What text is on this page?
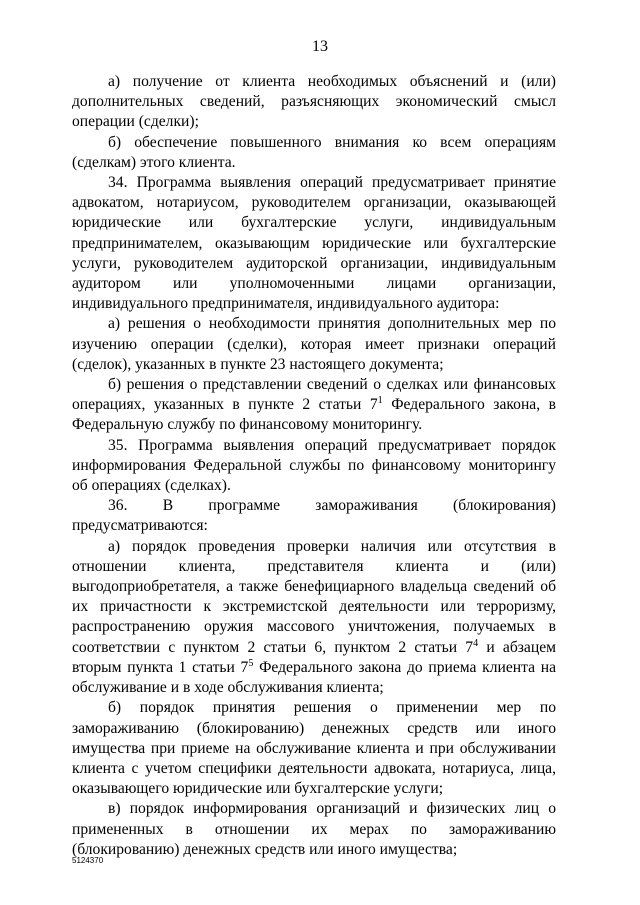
13

а) получение от клиента необходимых объяснений и (или) дополнительных сведений, разъясняющих экономический смысл операции (сделки);

б) обеспечение повышенного внимания ко всем операциям (сделкам) этого клиента.

34. Программа выявления операций предусматривает принятие адвокатом, нотариусом, руководителем организации, оказывающей юридические или бухгалтерские услуги, индивидуальным предпринимателем, оказывающим юридические или бухгалтерские услуги, руководителем аудиторской организации, индивидуальным аудитором или уполномоченными лицами организации, индивидуального предпринимателя, индивидуального аудитора:

а) решения о необходимости принятия дополнительных мер по изучению операции (сделки), которая имеет признаки операций (сделок), указанных в пункте 23 настоящего документа;

б) решения о представлении сведений о сделках или финансовых операциях, указанных в пункте 2 статьи $7^1$ Федерального закона, в Федеральную службу по финансовому мониторингу.

35. Программа выявления операций предусматривает порядок информирования Федеральной службы по финансовому мониторингу об операциях (сделках).

36. В программе замораживания (блокирования) предусматриваются:

а) порядок проведения проверки наличия или отсутствия в отношении клиента, представителя клиента и (или) выгодоприобретателя, а также бенефициарного владельца сведений об их причастности к экстремистской деятельности или терроризму, распространению оружия массового уничтожения, получаемых в соответствии с пунктом 2 статьи 6, пунктом 2 статьи $7^4$ и абзацем вторым пункта 1 статьи $7^5$ Федерального закона до приема клиента на обслуживание и в ходе обслуживания клиента;

б) порядок принятия решения о применении мер по замораживанию (блокированию) денежных средств или иного имущества при приеме на обслуживание клиента и при обслуживании клиента с учетом специфики деятельности адвоката, нотариуса, лица, оказывающего юридические или бухгалтерские услуги;

в) порядок информирования организаций и физических лиц о примененных в отношении их мерах по замораживанию (блокированию) денежных средств или иного имущества;

5124370
